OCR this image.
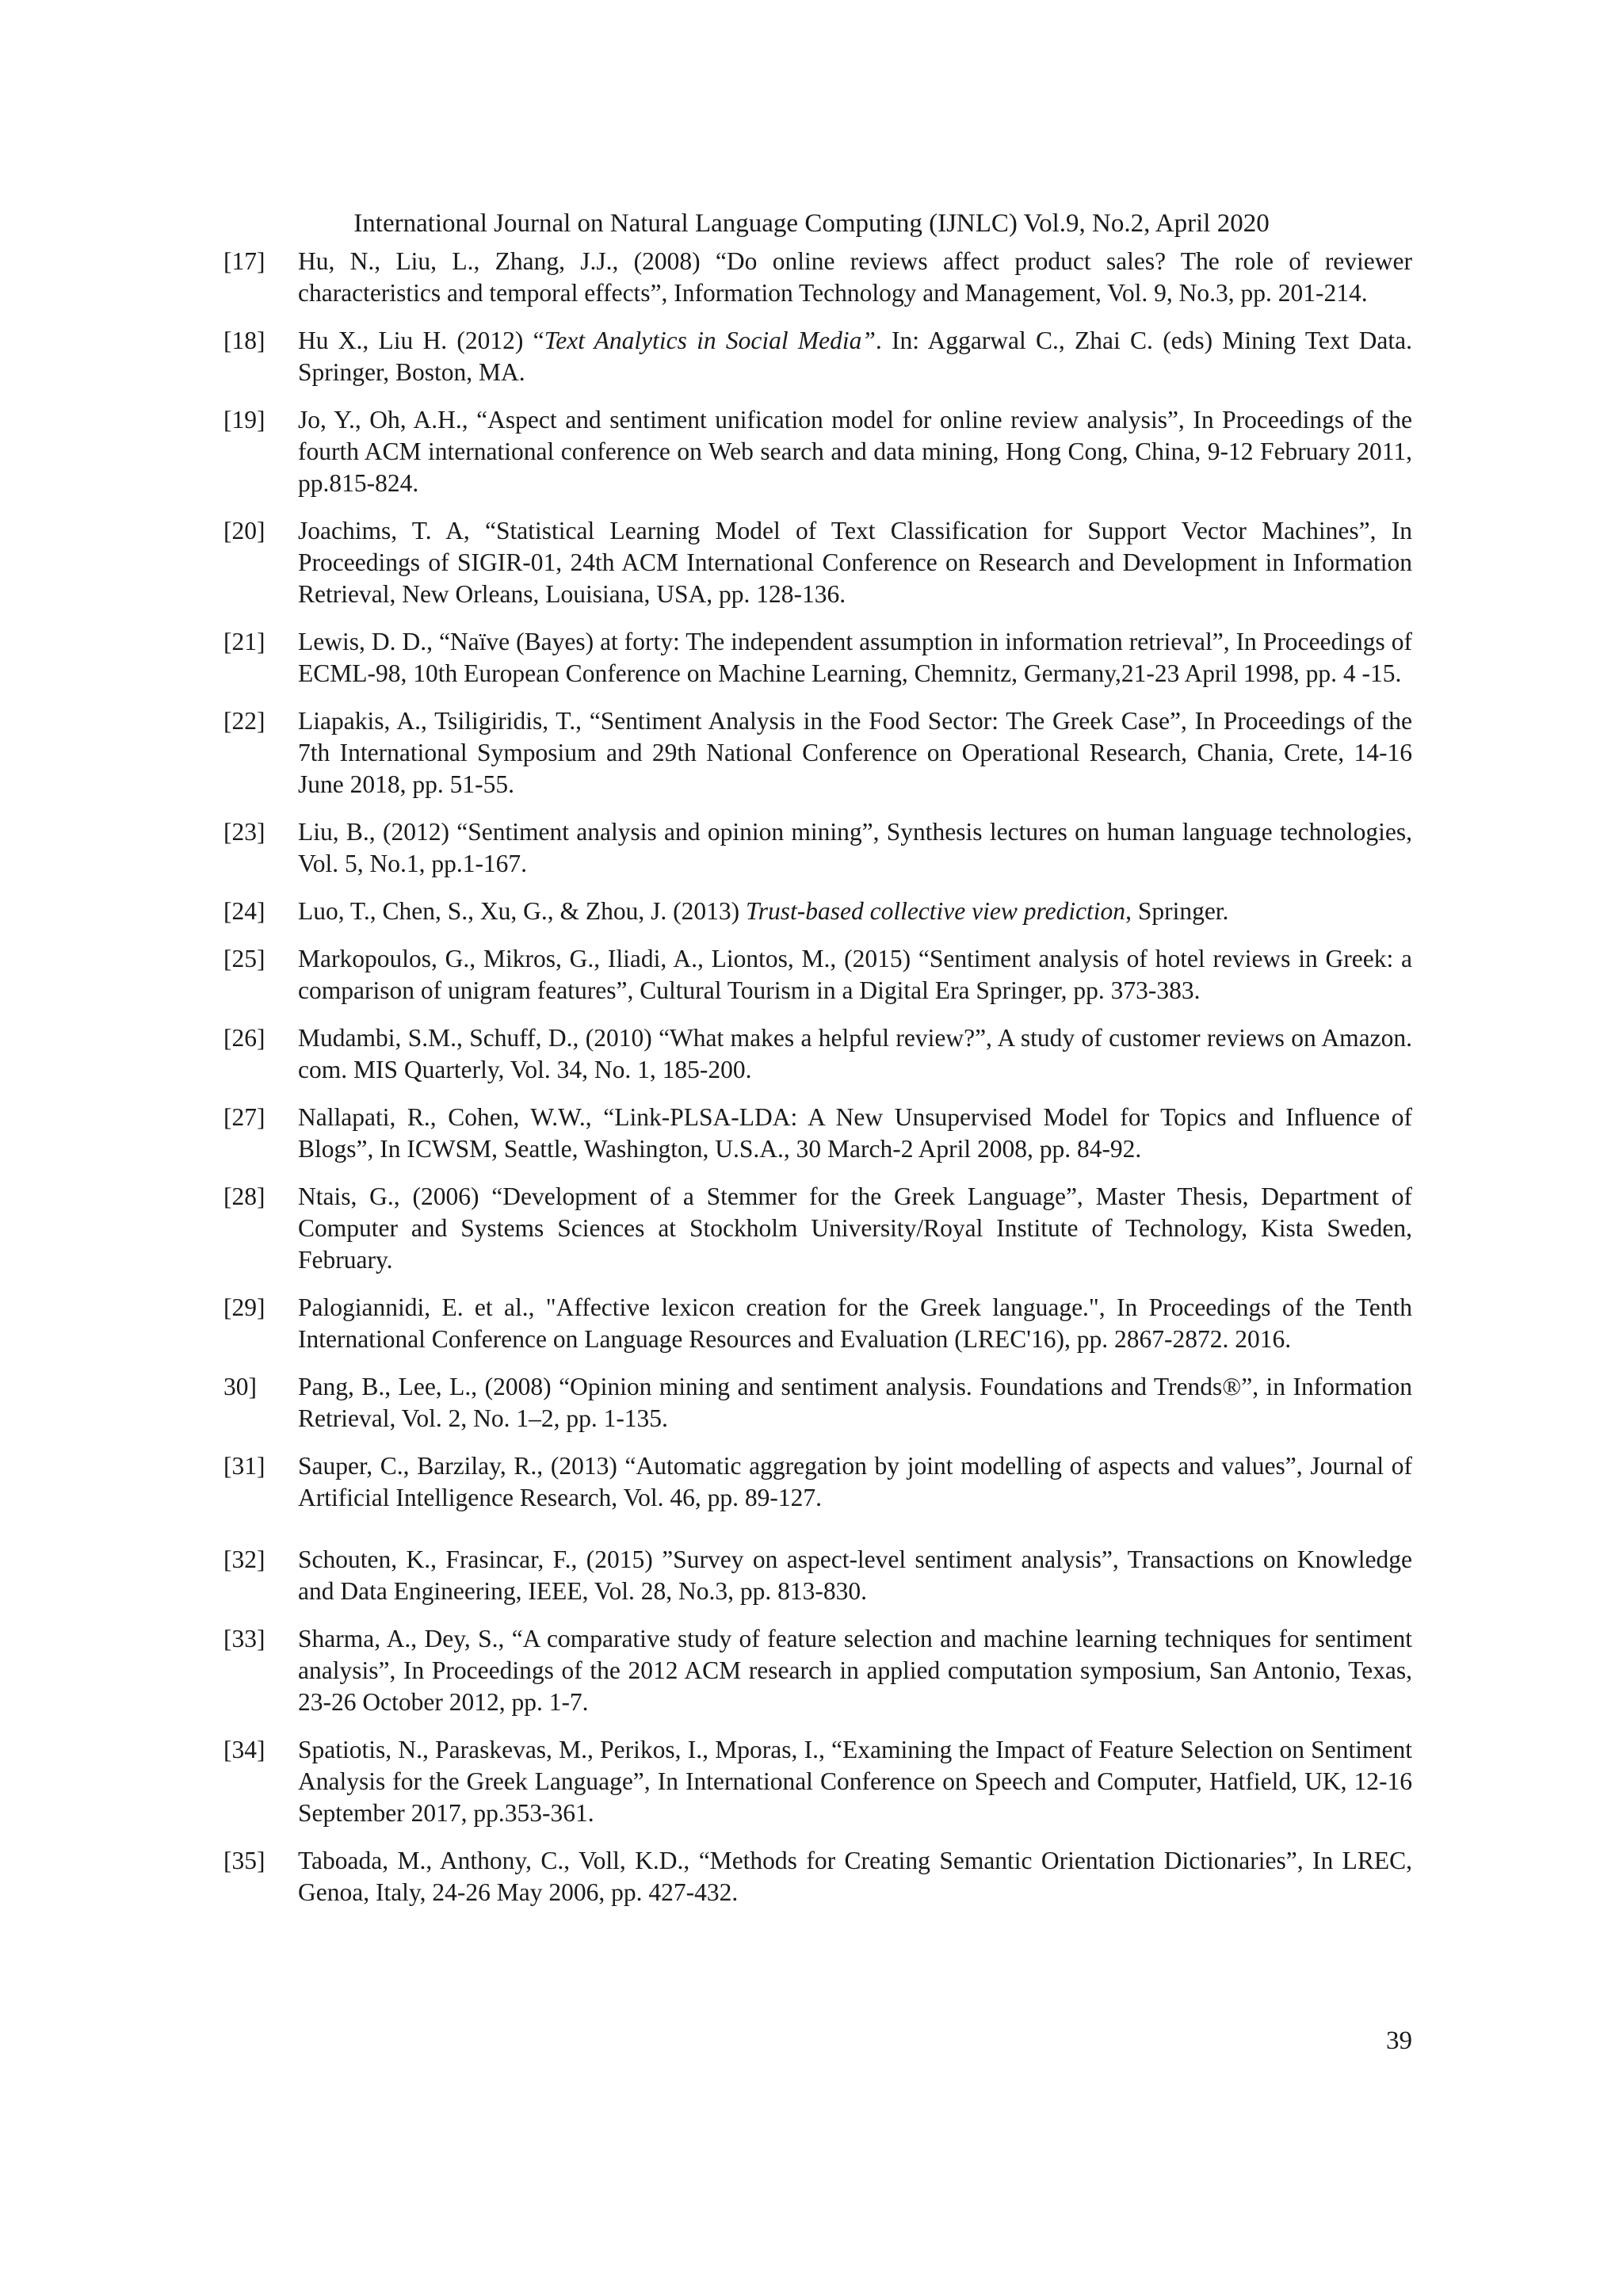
International Journal on Natural Language Computing (IJNLC) Vol.9, No.2, April 2020
[17]	Hu, N., Liu, L., Zhang, J.J., (2008) “Do online reviews affect product sales? The role of reviewer characteristics and temporal effects”, Information Technology and Management, Vol. 9, No.3, pp. 201-214.
[18]	Hu X., Liu H. (2012) “Text Analytics in Social Media”. In: Aggarwal C., Zhai C. (eds) Mining Text Data. Springer, Boston, MA.
[19]	Jo, Y., Oh, A.H., “Aspect and sentiment unification model for online review analysis”, In Proceedings of the fourth ACM international conference on Web search and data mining, Hong Cong, China, 9-12 February 2011, pp.815-824.
[20]	Joachims, T. A, “Statistical Learning Model of Text Classification for Support Vector Machines”, In Proceedings of SIGIR-01, 24th ACM International Conference on Research and Development in Information Retrieval, New Orleans, Louisiana, USA, pp. 128-136.
[21]	Lewis, D. D., “Naïve (Bayes) at forty: The independent assumption in information retrieval”, In Proceedings of ECML-98, 10th European Conference on Machine Learning, Chemnitz, Germany,21-23 April 1998, pp. 4 -15.
[22]	Liapakis, A., Tsiligiridis, T., “Sentiment Analysis in the Food Sector: The Greek Case”, In Proceedings of the 7th International Symposium and 29th National Conference on Operational Research, Chania, Crete, 14-16 June 2018, pp. 51-55.
[23]	Liu, B., (2012) “Sentiment analysis and opinion mining”, Synthesis lectures on human language technologies, Vol. 5, No.1, pp.1-167.
[24]	Luo, T., Chen, S., Xu, G., & Zhou, J. (2013) Trust-based collective view prediction, Springer.
[25]	Markopoulos, G., Mikros, G., Iliadi, A., Liontos, M., (2015) “Sentiment analysis of hotel reviews in Greek: a comparison of unigram features”, Cultural Tourism in a Digital Era Springer, pp. 373-383.
[26]	Mudambi, S.M., Schuff, D., (2010) “What makes a helpful review?”, A study of customer reviews on Amazon. com. MIS Quarterly, Vol. 34, No. 1, 185-200.
[27]	Nallapati, R., Cohen, W.W., “Link-PLSA-LDA: A New Unsupervised Model for Topics and Influence of Blogs”, In ICWSM, Seattle, Washington, U.S.A., 30 March-2 April 2008, pp. 84-92.
[28]	Ntais, G., (2006) “Development of a Stemmer for the Greek Language”, Master Thesis, Department of Computer and Systems Sciences at Stockholm University/Royal Institute of Technology, Kista Sweden, February.
[29]	Palogiannidi, E. et al., "Affective lexicon creation for the Greek language.", In Proceedings of the Tenth International Conference on Language Resources and Evaluation (LREC'16), pp. 2867-2872. 2016.
30]	Pang, B., Lee, L., (2008) “Opinion mining and sentiment analysis. Foundations and Trends®”, in Information Retrieval, Vol. 2, No. 1–2, pp. 1-135.
[31]	Sauper, C., Barzilay, R., (2013) “Automatic aggregation by joint modelling of aspects and values”, Journal of Artificial Intelligence Research, Vol. 46, pp. 89-127.
[32]	Schouten, K., Frasincar, F., (2015) ”Survey on aspect-level sentiment analysis”, Transactions on Knowledge and Data Engineering, IEEE, Vol. 28, No.3, pp. 813-830.
[33]	Sharma, A., Dey, S., “A comparative study of feature selection and machine learning techniques for sentiment analysis”, In Proceedings of the 2012 ACM research in applied computation symposium, San Antonio, Texas, 23-26 October 2012, pp. 1-7.
[34]	Spatiotis, N., Paraskevas, M., Perikos, I., Mporas, I., “Examining the Impact of Feature Selection on Sentiment Analysis for the Greek Language”, In International Conference on Speech and Computer, Hatfield, UK, 12-16 September 2017, pp.353-361.
[35]	Taboada, M., Anthony, C., Voll, K.D., “Methods for Creating Semantic Orientation Dictionaries”, In LREC, Genoa, Italy, 24-26 May 2006, pp. 427-432.
39
